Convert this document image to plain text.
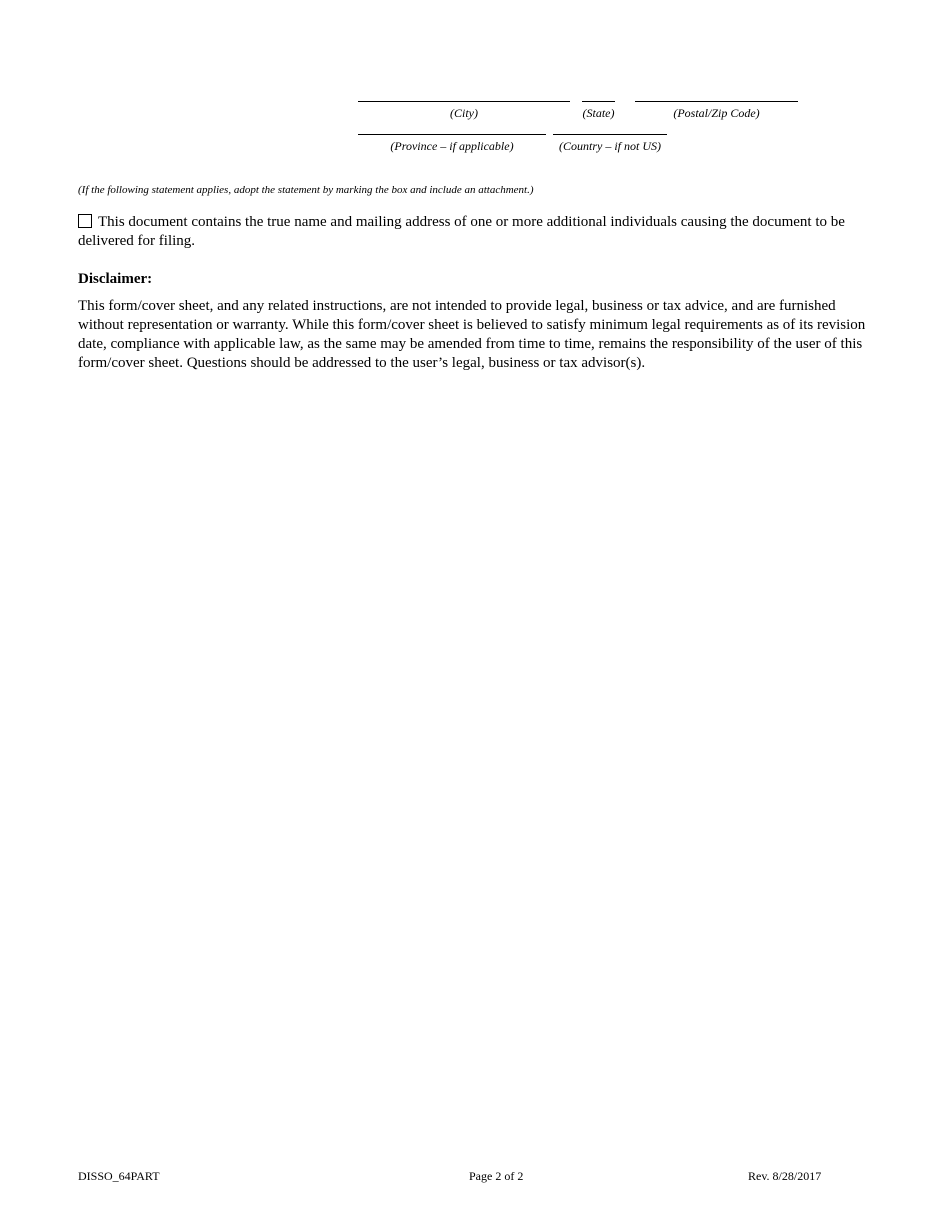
(City)	(State)	(Postal/Zip Code)
(Province – if applicable)	(Country – if not US)
(If the following statement applies, adopt the statement by marking the box and include an attachment.)
This document contains the true name and mailing address of one or more additional individuals causing the document to be delivered for filing.
Disclaimer:
This form/cover sheet, and any related instructions, are not intended to provide legal, business or tax advice, and are furnished without representation or warranty. While this form/cover sheet is believed to satisfy minimum legal requirements as of its revision date, compliance with applicable law, as the same may be amended from time to time, remains the responsibility of the user of this form/cover sheet. Questions should be addressed to the user’s legal, business or tax advisor(s).
DISSO_64PART	Page 2 of 2	Rev. 8/28/2017
